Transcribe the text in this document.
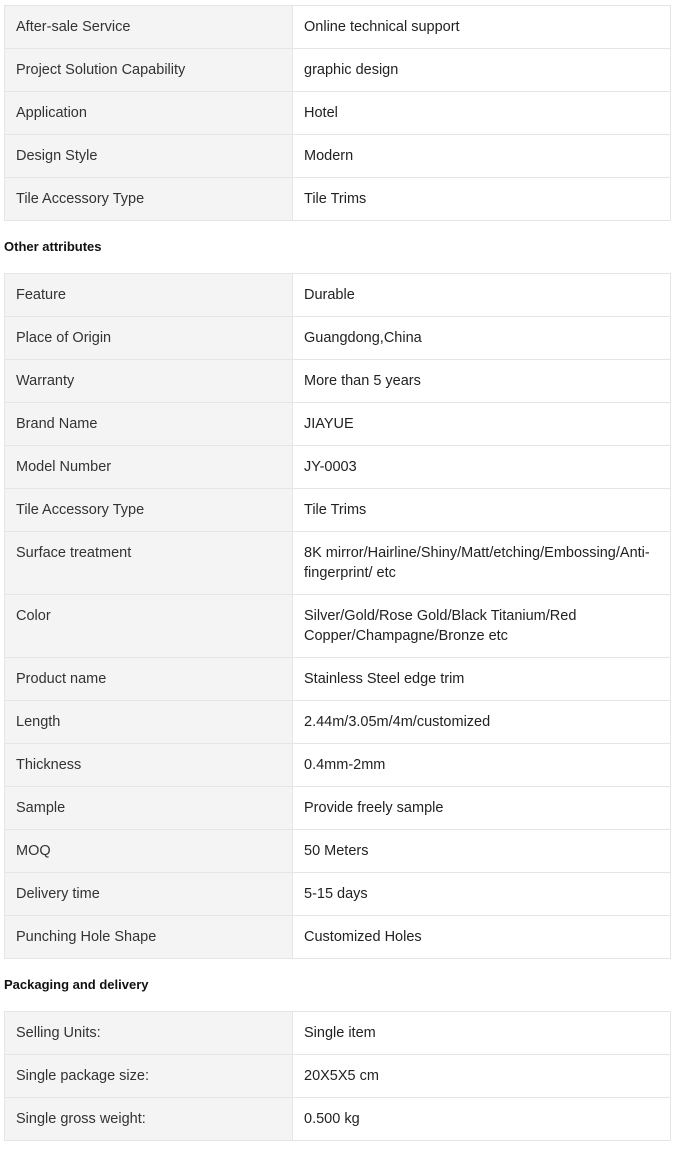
After-sale Service	Online technical support
Project Solution Capability	graphic design
Application	Hotel
Design Style	Modern
Tile Accessory Type	Tile Trims
Other attributes
Feature	Durable
Place of Origin	Guangdong,China
Warranty	More than 5 years
Brand Name	JIAYUE
Model Number	JY-0003
Tile Accessory Type	Tile Trims
Surface treatment	8K mirror/Hairline/Shiny/Matt/etching/Embossing/Anti-fingerprint/ etc
Color	Silver/Gold/Rose Gold/Black Titanium/Red Copper/Champagne/Bronze etc
Product name	Stainless Steel edge trim
Length	2.44m/3.05m/4m/customized
Thickness	0.4mm-2mm
Sample	Provide freely sample
MOQ	50 Meters
Delivery time	5-15 days
Punching Hole Shape	Customized Holes
Packaging and delivery
Selling Units:	Single item
Single package size:	20X5X5 cm
Single gross weight:	0.500 kg
